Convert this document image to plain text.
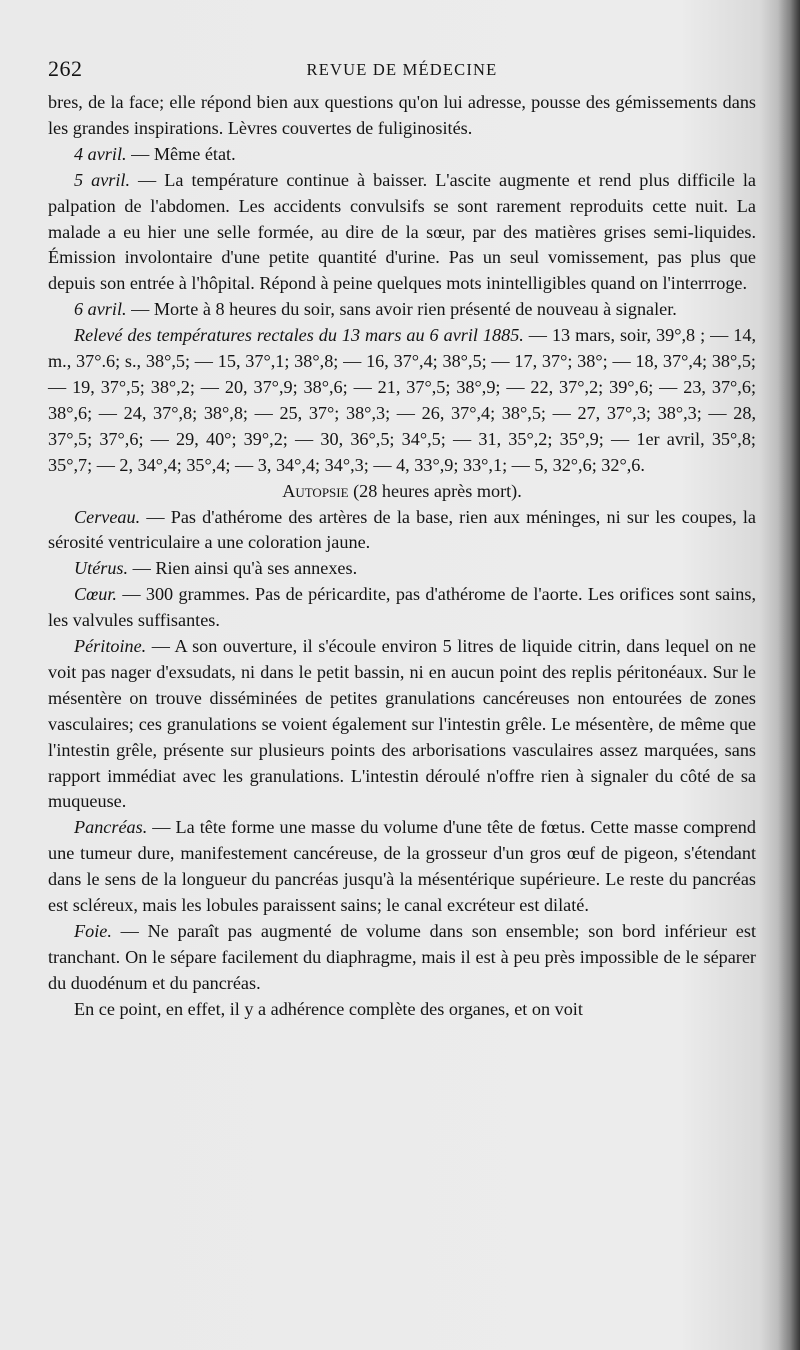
262	REVUE DE MÉDECINE

bres, de la face; elle répond bien aux questions qu'on lui adresse, pousse des gémissements dans les grandes inspirations. Lèvres couvertes de fuliginosités.

4 avril. — Même état.

5 avril. — La température continue à baisser. L'ascite augmente et rend plus difficile la palpation de l'abdomen. Les accidents convulsifs se sont rarement reproduits cette nuit. La malade a eu hier une selle formée, au dire de la sœur, par des matières grises semi-liquides. Émission involontaire d'une petite quantité d'urine. Pas un seul vomissement, pas plus que depuis son entrée à l'hôpital. Répond à peine quelques mots inintelligibles quand on l'interrroge.

6 avril. — Morte à 8 heures du soir, sans avoir rien présenté de nouveau à signaler.

Relevé des températures rectales du 13 mars au 6 avril 1885. — 13 mars, soir, 39°,8 ; — 14, m., 37°.6; s., 38°,5; — 15, 37°,1; 38°,8; — 16, 37°,4; 38°,5; — 17, 37°; 38°; — 18, 37°,4; 38°,5; — 19, 37°,5; 38°,2; — 20, 37°,9; 38°,6; — 21, 37°,5; 38°,9; — 22, 37°,2; 39°,6; — 23, 37°,6; 38°,6; — 24, 37°,8; 38°,8; — 25, 37°; 38°,3; — 26, 37°,4; 38°,5; — 27, 37°,3; 38°,3; — 28, 37°,5; 37°,6; — 29, 40°; 39°,2; — 30, 36°,5; 34°,5; — 31, 35°,2; 35°,9; — 1er avril, 35°,8; 35°,7; — 2, 34°,4; 35°,4; — 3, 34°,4; 34°,3; — 4, 33°,9; 33°,1; — 5, 32°,6; 32°,6.

Autopsie (28 heures après mort).

Cerveau. — Pas d'athérome des artères de la base, rien aux méninges, ni sur les coupes, la sérosité ventriculaire a une coloration jaune.

Utérus. — Rien ainsi qu'à ses annexes.

Cœur. — 300 grammes. Pas de péricardite, pas d'athérome de l'aorte. Les orifices sont sains, les valvules suffisantes.

Péritoine. — A son ouverture, il s'écoule environ 5 litres de liquide citrin, dans lequel on ne voit pas nager d'exsudats, ni dans le petit bassin, ni en aucun point des replis péritonéaux. Sur le mésentère on trouve disséminées de petites granulations cancéreuses non entourées de zones vasculaires; ces granulations se voient également sur l'intestin grêle. Le mésentère, de même que l'intestin grêle, présente sur plusieurs points des arborisations vasculaires assez marquées, sans rapport immédiat avec les granulations. L'intestin déroulé n'offre rien à signaler du côté de sa muqueuse.

Pancréas. — La tête forme une masse du volume d'une tête de fœtus. Cette masse comprend une tumeur dure, manifestement cancéreuse, de la grosseur d'un gros œuf de pigeon, s'étendant dans le sens de la longueur du pancréas jusqu'à la mésentérique supérieure. Le reste du pancréas est scléreux, mais les lobules paraissent sains; le canal excréteur est dilaté.

Foie. — Ne paraît pas augmenté de volume dans son ensemble; son bord inférieur est tranchant. On le sépare facilement du diaphragme, mais il est à peu près impossible de le séparer du duodénum et du pancréas.

En ce point, en effet, il y a adhérence complète des organes, et on voit
